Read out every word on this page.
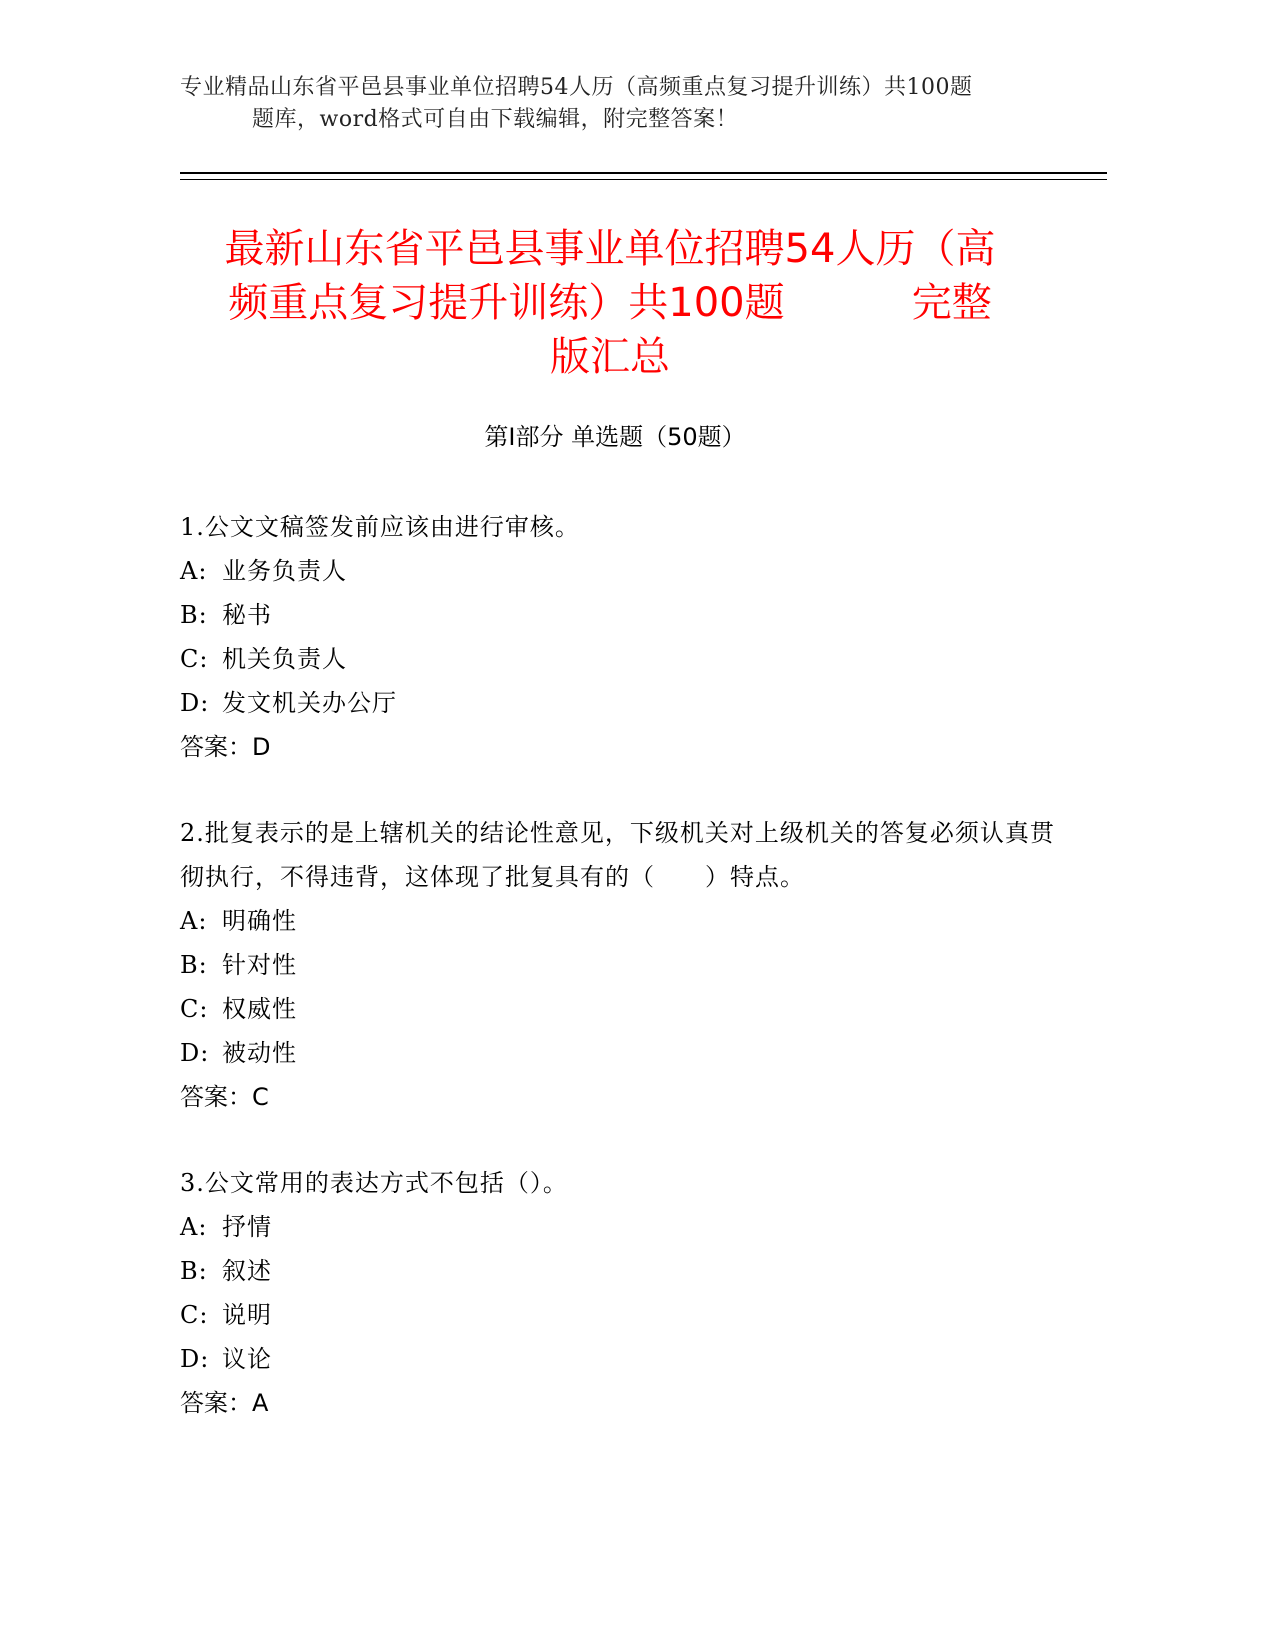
专业精品山东省平邑县事业单位招聘54人历（高频重点复习提升训练）共100题
题库，word格式可自由下载编辑，附完整答案！
最新山东省平邑县事业单位招聘54人历（高
频重点复习提升训练）共100题          完整
版汇总
第Ⅰ部分 单选题（50题）
1.公文文稿签发前应该由进行审核。
A: 业务负责人
B: 秘书
C: 机关负责人
D: 发文机关办公厅
答案：D
2.批复表示的是上辖机关的结论性意见，下级机关对上级机关的答复必须认真贯彻执行，不得违背，这体现了批复具有的（　　）特点。
A: 明确性
B: 针对性
C: 权威性
D: 被动性
答案：C
3.公文常用的表达方式不包括（）。
A: 抒情
B: 叙述
C: 说明
D: 议论
答案：A
